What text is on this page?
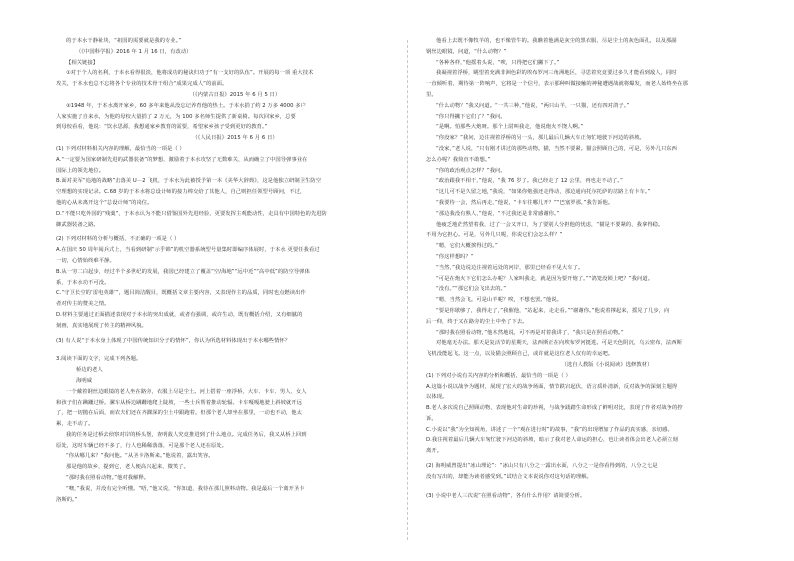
的于本水干静祉块，“祖国的需要就是我的专业。”
（《中国科学报》2016 年 1 月 16 日，有改动）
【相关链接】
①对于个人的名利，于本水看得很淡，他将成功的秘诀归功于“有一支好的队伍”。开展的每一项 重大技术
攻关，于本水也总不忘将各个专业的技术骨干组合“成果完成人”的前面。
（《内蒙古日报》2015 年 6 月 5 日）
②1948 年，于本水离开家乡，60 多年来他从没忘记养育他的热土。于本水捐了约 2 万多 4000 多户
人家实施了自来水，为他的母校大量捐了 2 万元，为 100 多名师生提供了新桌椅。每次回家乡，总要
到母校看看，他说：“饮水思源，我想通家乡教育的需要，希望家乡孩子受到更好的教育。”
（《人民日报》2015 年 6 月 6 日）
(1) 下列对材料相关内容的理解，最恰当的一项是（ ）
A.“一定要为国家研制先进的武器装备”的梦想，激励着于本水攻坚了无数难关，从而确立了中国导弹事业在
国际上的领先地位。
B.面对美军“追地的战略”击落美 U－2 飞机，于本水为此被授予第一本《美华大辞典》，这是他独立研制卫生防空
空理想的实现记录。C.68 岁的于本水将总设计师的接力棒交给了其他人，自己则担任领型号顾问，不过，
他的心从未离开这个“总设计师”的岗位。
D.“不能只吃外国的“残羹”，于本水认为不能只借鉴国外先进经验，更要发挥主观能动性，走具有中国特色的先进防
御武器装备之路。
(2) 下列对材料的分析与概括，不正确的一项是（ ）
A.在国庆 50 周年阅兵式上，当看到研制“示乎锦”的机空器系统型号量集时即编序体展时，于本水 更要任我看过
一切，心情始终难平静。
B.从一穷二白起步，经过半个多世纪的发展，我国已经建立了覆盖“空/海地”“远中近”“高中低”的防空导弹体
系，于本水功不可没。
C.“守卫长空的‘雷电英雄’”，题目简洁醒目，既概括文章主要内容，又表现作主的品质，同时也点燃读出作
者对传主的赞美之情。
D.材料主要通过正面描述表现对于本水的突出成就，或者有强调，或许生动，既有概括介绍，又有细腻的
刻画，真实地展现了传主的精神风貌。
(3) 有人说“于本水身上体现了中国传统知识分子的情怀”，你认为所选材料体现出于本水哪些情怀？
3.阅读下面的文字，完成下列各题。
桥边的老人
海明威
一个戴着钢丝边眼镜的老人坐在路旁，衣服上尽是尘土。河上搭着一座浮桥，大车、卡车、男人、女人
和孩子们在蹒跚过桥。骡车从桥边蹒跚地爬上陡坡，一些士兵帮着推动轮辐。卡车嘎嘎地驶上斜坡就开远
了，把一切抛在后面，而农夫们还在齐踝深的尘土中跟跑着。但那个老人却坐在那里，一动也不动，他太
累，走不动了。
我的任务是过桥去侦察对岸的桥头堡，查明敌人究竟推进到了什么地点。完成任务后，我又从桥上回到
原处，这时车辆已经不多了，行人也稀稀落落，可是那个老人还在原处。
“你从哪儿来？”我问他。“从圣卡洛斯来。”他说着，露出笑容。
那是他的故乡，提到它，老人便高兴起来，微笑了。
“那时我在照看动物。”他对我解释。
“噢，”我说，并没有完全听懂。“唔，”他又说，“你知道，我待在那儿照料动物。我是最后一个离开圣卡
洛斯的。”
他看上去既不像牧羊的，也不像管牛的。我瞧着他满是灰尘的黑衣服，尽是尘土的灰色面孔，以及那副
钢丝边眼镜，问道，“什么动物？”
“各种各样，”他摇着头说，“唉，只得把它们撇下了。”
我凝视着浮桥，眺望着充满非洲色彩的埃布罗河三角洲地区，寻思着究竟要过多久才能看到敌人，同时
一直倾听着，期待第一阵响声，它将是一个信号，表示那种叫做接触的神秘遭遇战就将爆发，而老人始终坐在那
里。
“什么动物？”我又问道。“一共三种，”他说，“两只山羊，一只猫，还有四对鸽子。”
“你只得撇下它们了？”我问。
“是啊。怕那些大炮呀。那个上尉叫我走，他说炮火不饶人啊。”
“你没家？”我问，边注视着浮桥的另一头，那儿最后几辆大车正匆忙地驶下河边的斜坡。
“没家，”老人说，“只有刚才讲过的那些动物。猫，当然不要紧。猫会照顾自己的，可是，另外几只东西
怎么办呢？我简直不敢想。”
“你的政治观点怎样？”我问。
“政治跟我不相干，”他说，“我 76 岁了。我已经走了 12 公里，再也走不动了。”
“这儿可不是久留之地，”我说，“如果你勉强还走得动，那边通向托尔托萨的岔路上有卡车。”
“我要待一会，然后再走，”他说，“卡车往哪儿开？”“巴塞罗那，”我告诉他。
“那边我没有熟人，”他说，“不过我还是非常感谢你。”
他疲乏地茫然望着我，过了一会又开口，为了要别人分担他的忧虑，“猫是不要紧的，我拿得稳。
不用为它担心。可是，另外几只呢，你说它们会怎么样？”
“嗯，它们大概挨得过的。”
“你这样想吗？”
“当然，”我边说边注视着远处的河岸，那里已经看不见大车了。
“可是在炮火下它们怎么办呢？人家叫我走，就是因为要开炮了。”“鸽笼没锁上吧？”我问道。
“没有。”“那它们会飞出去的。”
“嗯，当然会飞。可是山羊呢？唉，不想也罢。”他说。
“要是你歇够了，我得走了，”我催他，“站起来，走走看。”“谢谢你。”他说着撑起来，摇晃了几步，向
后一仰，终于又在路旁的尘土中坐了下去。
“那时我在照看动物，”他木然地说，可不再是对着我讲了，“我只是在照看动物。”
对他毫无办法。那天是复活节的星期天，法西斯正在向埃布罗河挺进。可是天色阴沉，乌云密布，法西斯
飞机没能起飞。这一点，以及猫会照顾自己，或许就是这位老人仅有的幸运吧。
（选自人教版《小说阅读》选修教材）
(1) 下列对小说有关内容的分析和概括，最恰当的一项是（ ）
A.这篇小说以战争为题材，展现了宏大的战争场面，情节跌宕起伏，语言质朴清新，反对战争的深刻主题得
以体现。
B.老人多次说自己照顾动物，表现他对生命的珍视，与战争践踏生命形成了鲜明对比，表现了作者对战争的控
诉。
C.小说以“我”为全知视角，讲述了一个“观在进行时”的故事，“我”的出现增加了作品的真实感，亲切感。
D.我注视着最后几辆大车匆忙驶下河边的斜坡，暗示了我对老人命运的担心，也让读者体会出老人必须立刻
离开。
(2) 海明威曾提出“冰山理论”：“冰山只有八分之一露出水面，八分之一是你看得到的，八分之七是
没有写出的，却能为读者感受到。”试结合文本说说你对这句话的理解。
(3) 小说中老人三次说“在照看动物”，各有什么作用？请简要分析。
